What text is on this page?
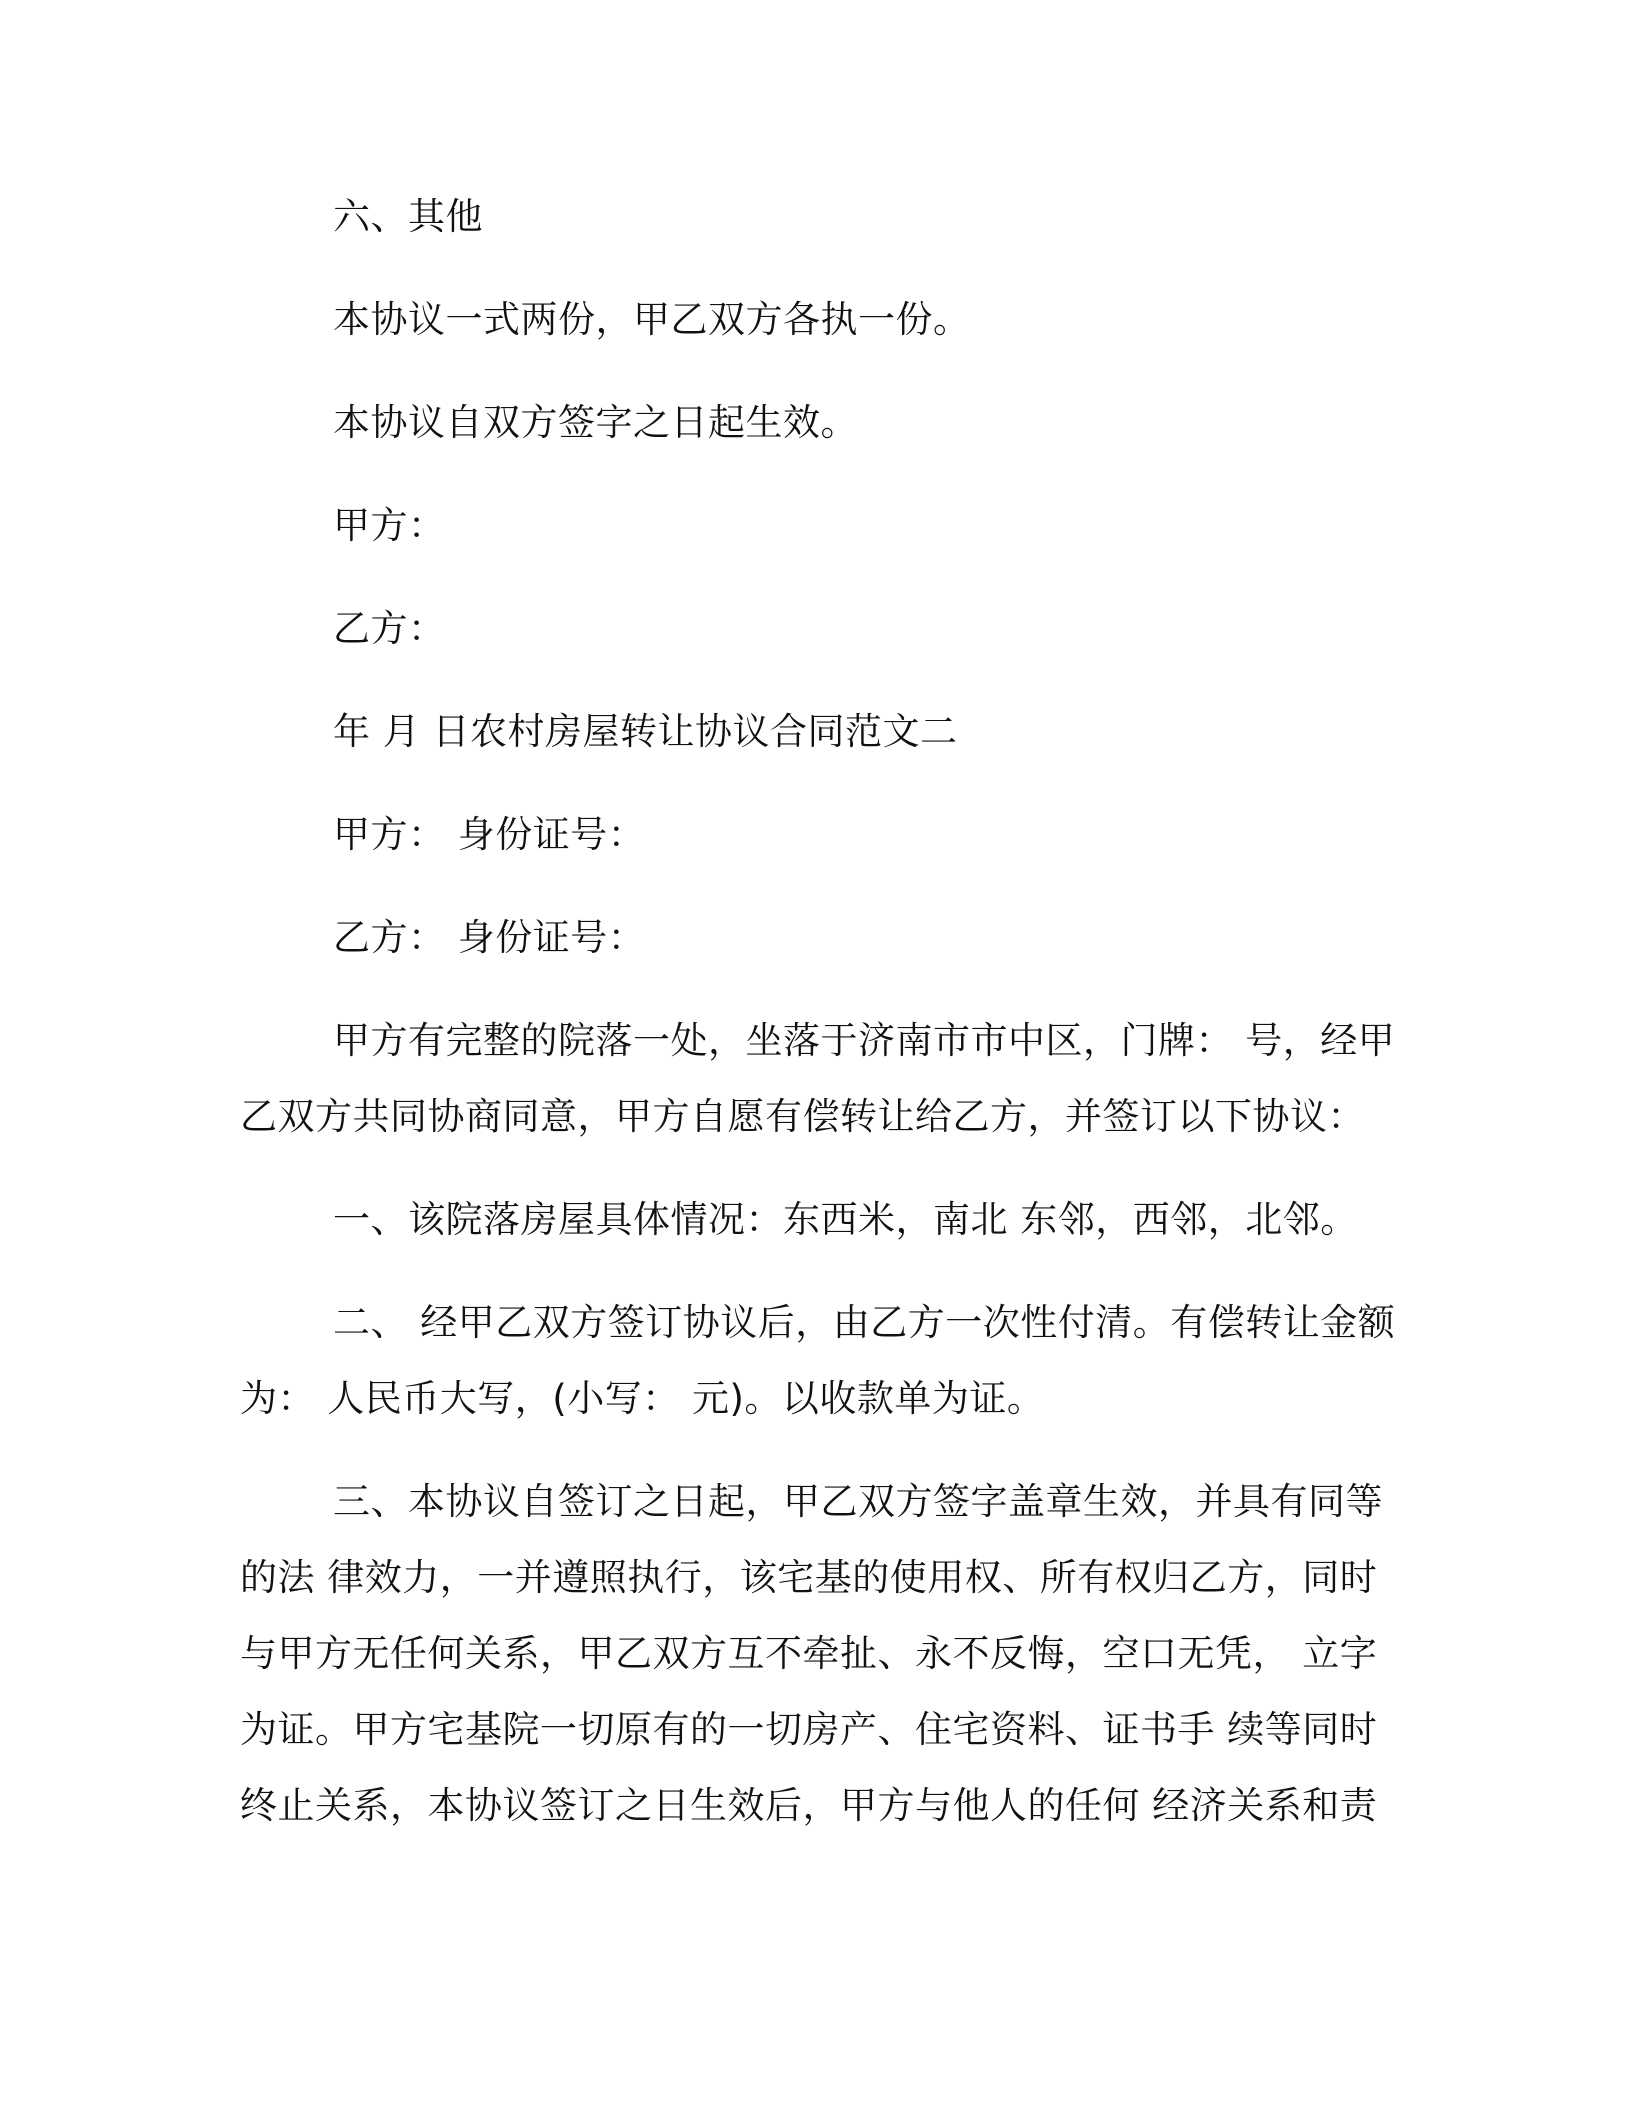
六、其他
本协议一式两份，甲乙双方各执一份。
本协议自双方签字之日起生效。
甲方：
乙方：
年 月 日农村房屋转让协议合同范文二
甲方： 身份证号：
乙方： 身份证号：
甲方有完整的院落一处，坐落于济南市市中区，门牌： 号，经甲
乙双方共同协商同意，甲方自愿有偿转让给乙方，并签订以下协议：
一、该院落房屋具体情况：东西米，南北 东邻，西邻，北邻。
二、 经甲乙双方签订协议后，由乙方一次性付清。有偿转让金额
为： 人民币大写，(小写： 元)。以收款单为证。
三、本协议自签订之日起，甲乙双方签字盖章生效，并具有同等
的法 律效力，一并遵照执行，该宅基的使用权、所有权归乙方，同时
与甲方无任何关系，甲乙双方互不牵扯、永不反悔，空口无凭， 立字
为证。甲方宅基院一切原有的一切房产、住宅资料、证书手 续等同时
终止关系，本协议签订之日生效后，甲方与他人的任何 经济关系和责
